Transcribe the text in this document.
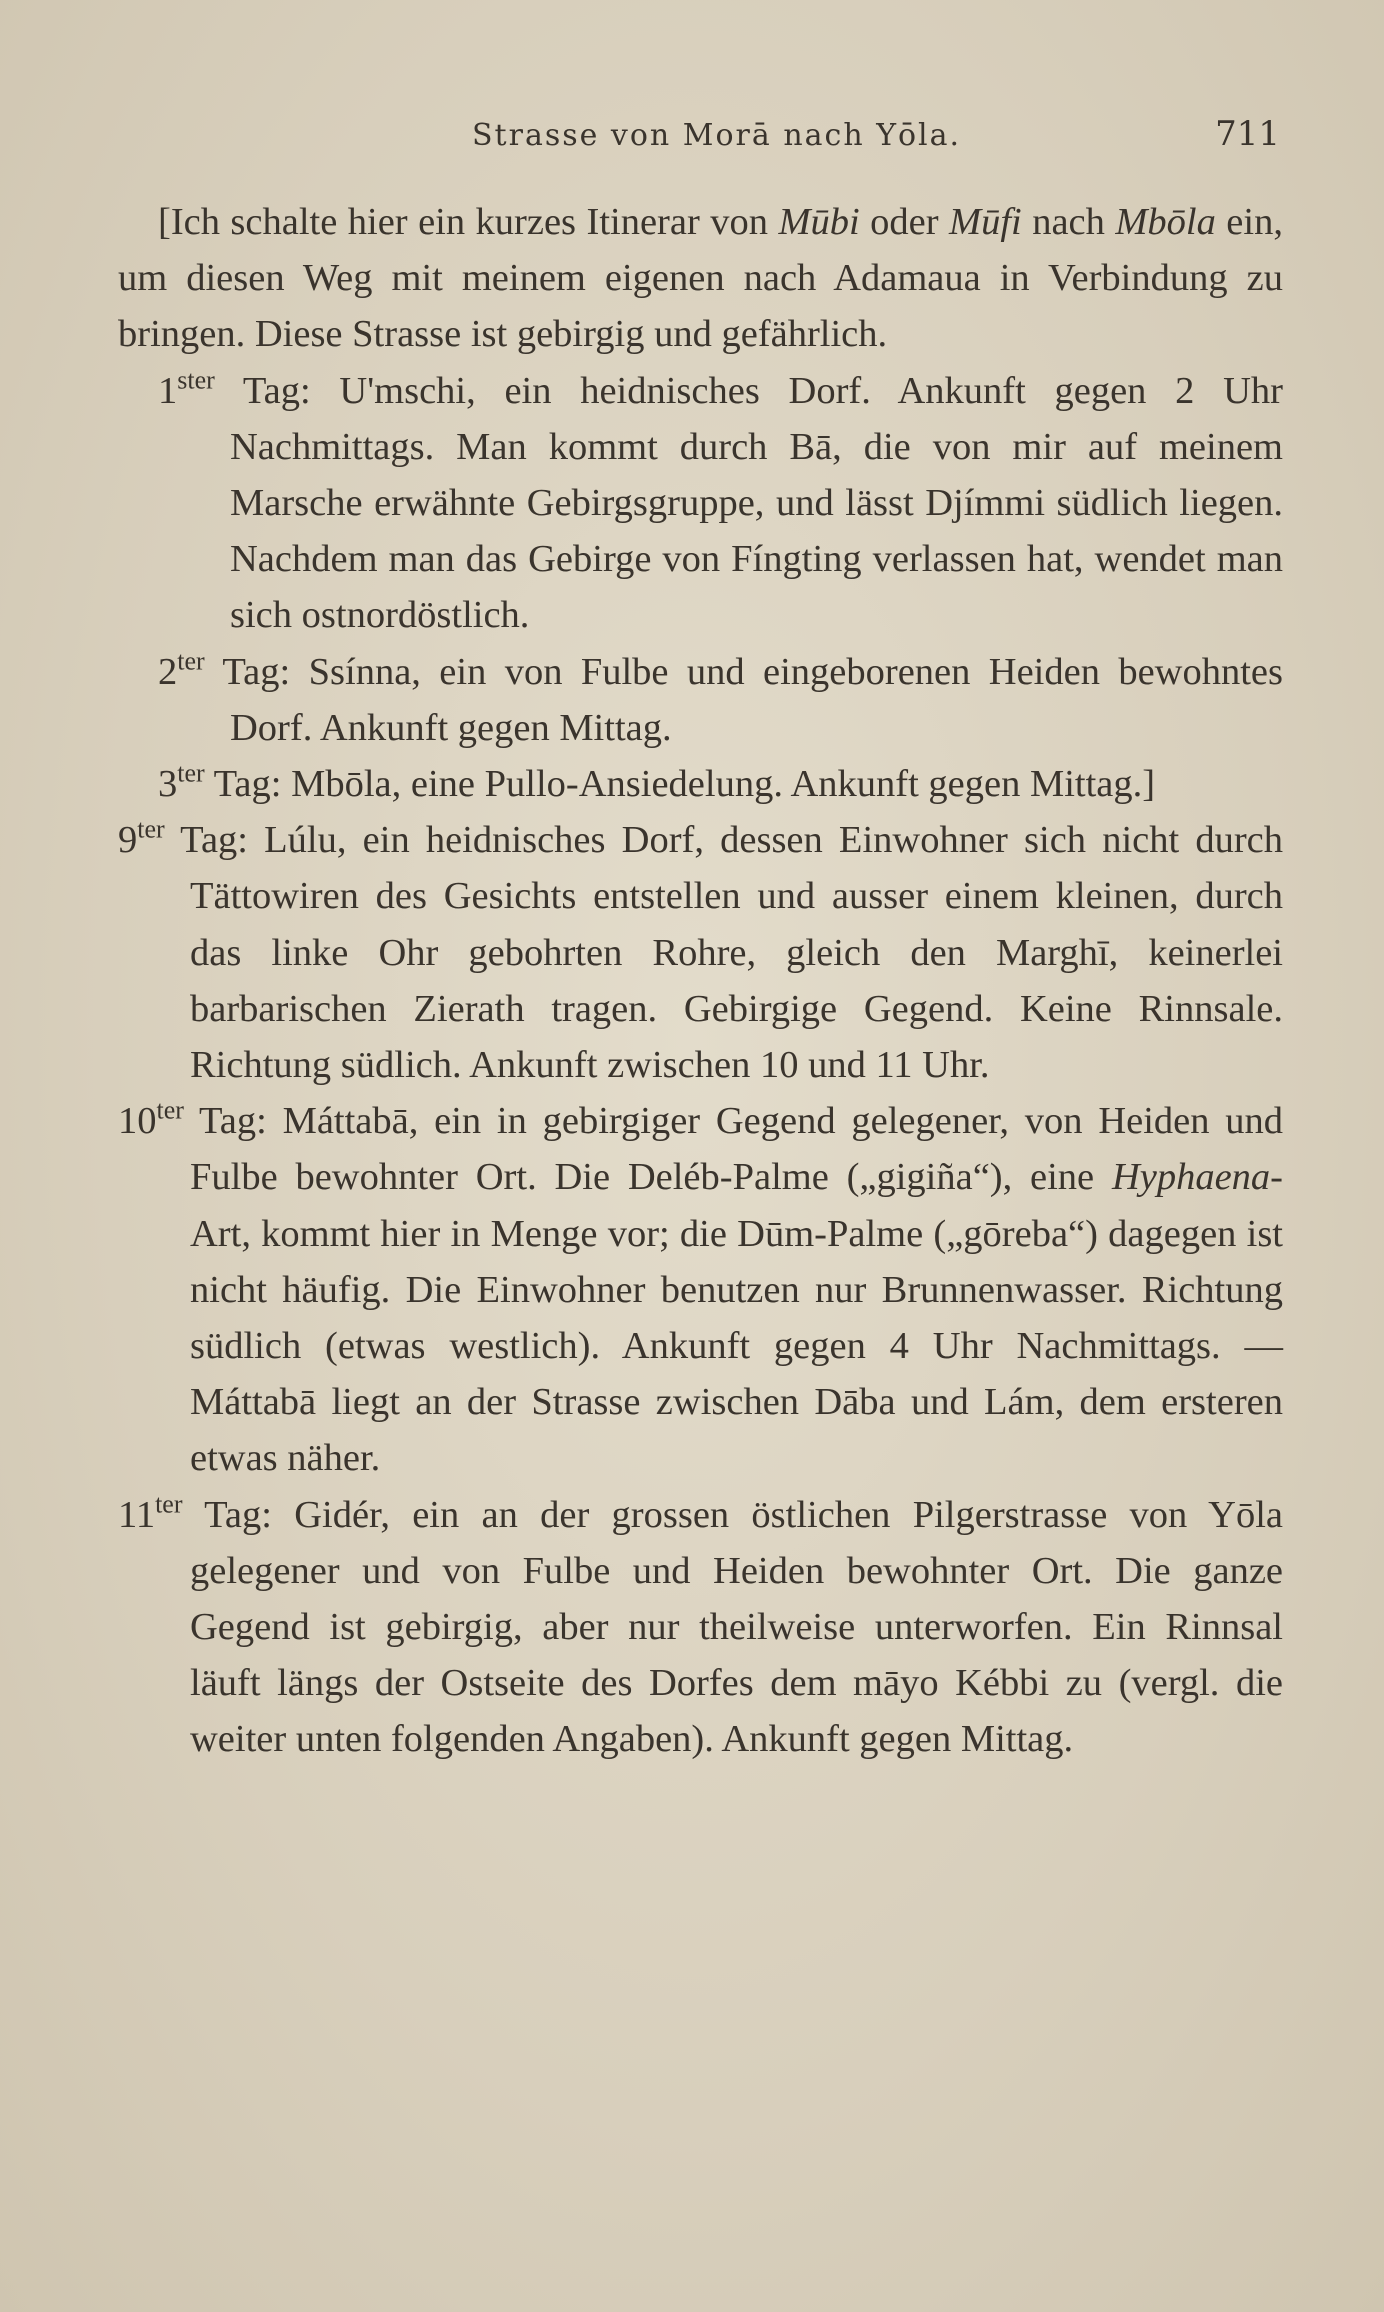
Strasse von Morā nach Yōla.	711

[Ich schalte hier ein kurzes Itinerar von Mūbi oder Mūfi nach Mbōla ein, um diesen Weg mit meinem eigenen nach Adamaua in Verbindung zu bringen. Diese Strasse ist gebirgig und gefährlich.

$1^{ster}$ Tag: U'mschi, ein heidnisches Dorf. Ankunft gegen 2 Uhr Nachmittags. Man kommt durch Bā, die von mir auf meinem Marsche erwähnte Gebirgsgruppe, und lässt Djímmi südlich liegen. Nachdem man das Gebirge von Fíngting verlassen hat, wendet man sich ostnordöstlich.

$2^{ter}$ Tag: Ssínna, ein von Fulbe und eingeborenen Heiden bewohntes Dorf. Ankunft gegen Mittag.

$3^{ter}$ Tag: Mbōla, eine Pullo-Ansiedelung. Ankunft gegen Mittag.]

$9^{ter}$ Tag: Lúlu, ein heidnisches Dorf, dessen Einwohner sich nicht durch Tättowiren des Gesichts entstellen und ausser einem kleinen, durch das linke Ohr gebohrten Rohre, gleich den Marghī, keinerlei barbarischen Zierath tragen. Gebirgige Gegend. Keine Rinnsale. Richtung südlich. Ankunft zwischen 10 und 11 Uhr.

$10^{ter}$ Tag: Máttabā, ein in gebirgiger Gegend gelegener, von Heiden und Fulbe bewohnter Ort. Die Deléb-Palme („gigiña“), eine Hyphaena-Art, kommt hier in Menge vor; die Dūm-Palme („gōreba“) dagegen ist nicht häufig. Die Einwohner benutzen nur Brunnenwasser. Richtung südlich (etwas westlich). Ankunft gegen 4 Uhr Nachmittags. — Máttabā liegt an der Strasse zwischen Dāba und Lám, dem ersteren etwas näher.

$11^{ter}$ Tag: Gidér, ein an der grossen östlichen Pilgerstrasse von Yōla gelegener und von Fulbe und Heiden bewohnter Ort. Die ganze Gegend ist gebirgig, aber nur theilweise unterworfen. Ein Rinnsal läuft längs der Ostseite des Dorfes dem māyo Kébbi zu (vergl. die weiter unten folgenden Angaben). Ankunft gegen Mittag.
